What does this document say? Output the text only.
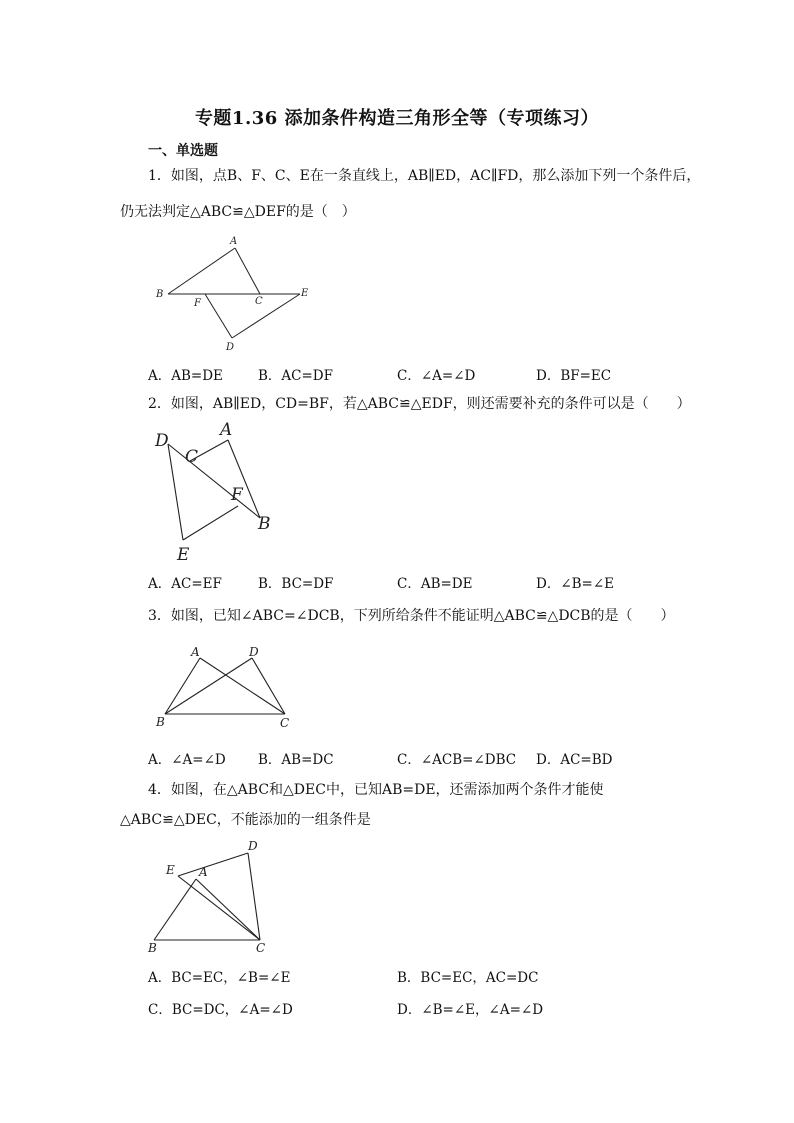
专题1.36 添加条件构造三角形全等（专项练习）
一、单选题
1．如图，点B、F、C、E在一条直线上，AB∥ED，AC∥FD，那么添加下列一个条件后，
仍无法判定△ABC≌△DEF的是（　）
A
B
F	C
E
D
A．AB=DE	B．AC=DF	C．∠A=∠D	D．BF=EC
2．如图，AB∥ED，CD=BF，若△ABC≌△EDF，则还需要补充的条件可以是（　　）
D
A
C
F
B
E
A．AC=EF	B．BC=DF	C．AB=DE	D．∠B=∠E
3．如图，已知∠ABC=∠DCB，下列所给条件不能证明△ABC≌△DCB的是（　　）
A	D
B	C
A．∠A=∠D B．AB=DC	C．∠ACB=∠DBC D．AC=BD
4．如图，在△ABC和△DEC中，已知AB=DE，还需添加两个条件才能使
△ABC≌△DEC，不能添加的一组条件是
D
E A
B	C
A．BC=EC，∠B=∠E	B．BC=EC，AC=DC
C．BC=DC，∠A=∠D	D．∠B=∠E，∠A=∠D
